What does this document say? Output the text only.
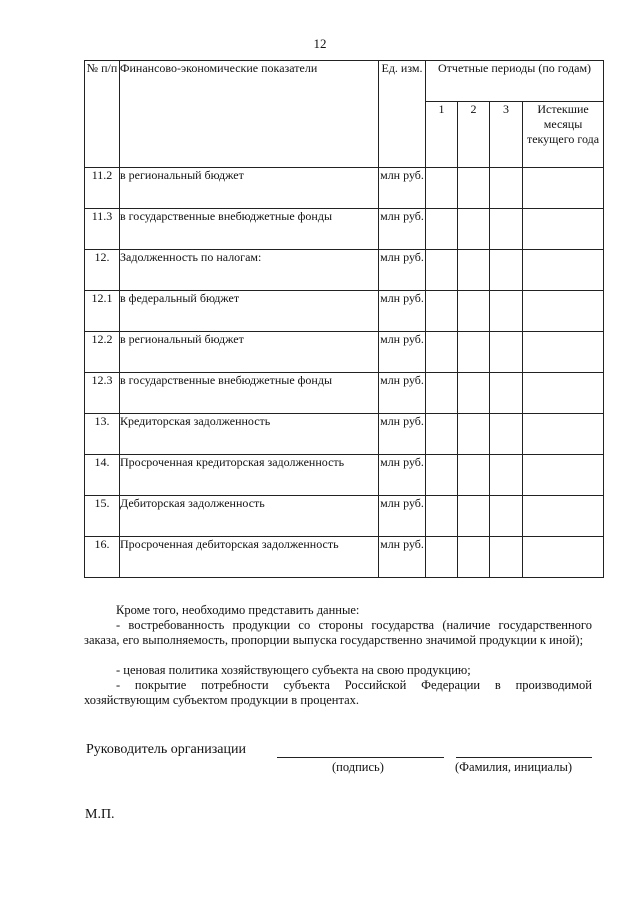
12
№ п/п	Финансово-экономические показатели	Ед. изм.	Отчетные периоды (по годам)			
			1	2	3	Истекшие месяцы текущего года
11.2	в региональный бюджет	млн руб.				
11.3	в государственные внебюджетные фонды	млн руб.				
12.	Задолженность по налогам:	млн руб.				
12.1	в федеральный бюджет	млн руб.				
12.2	в региональный бюджет	млн руб.				
12.3	в государственные внебюджетные фонды	млн руб.				
13.	Кредиторская задолженность	млн руб.				
14.	Просроченная кредиторская задолженность	млн руб.				
15.	Дебиторская задолженность	млн руб.				
16.	Просроченная дебиторская задолженность	млн руб.				
Кроме того, необходимо представить данные:
- востребованность продукции со стороны государства (наличие государственного заказа, его выполняемость, пропорции выпуска государственно значимой продукции к иной);
- ценовая политика хозяйствующего субъекта на свою продукцию;
- покрытие потребности субъекта Российской Федерации в производимой хозяйствующим субъектом продукции в процентах.
Руководитель организации
(подпись)	(Фамилия, инициалы)
М.П.
